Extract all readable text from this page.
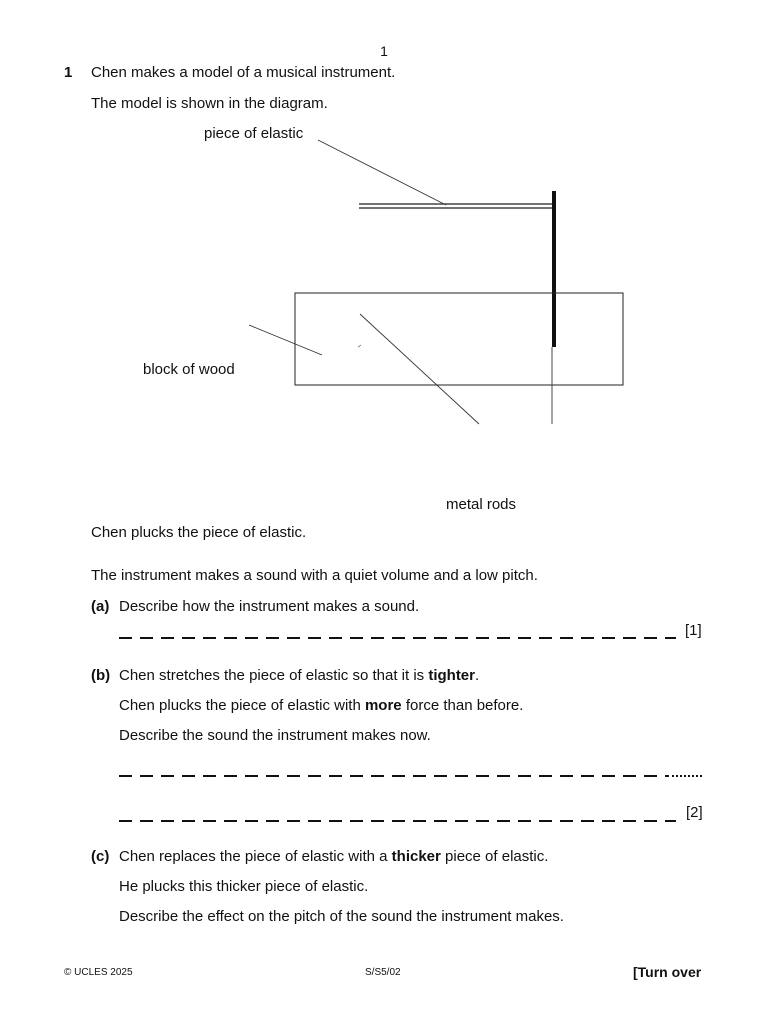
1
1 Chen makes a model of a musical instrument.
The model is shown in the diagram.
piece of elastic
block of wood
metal rods
Chen plucks the piece of elastic.
The instrument makes a sound with a quiet volume and a low pitch.
(a) Describe how the instrument makes a sound.
[1]
(b) Chen stretches the piece of elastic so that it is tighter.
Chen plucks the piece of elastic with more force than before.
Describe the sound the instrument makes now.
[2]
(c) Chen replaces the piece of elastic with a thicker piece of elastic.
He plucks this thicker piece of elastic.
Describe the effect on the pitch of the sound the instrument makes.
© UCLES 2025	S/S5/02	[Turn over
